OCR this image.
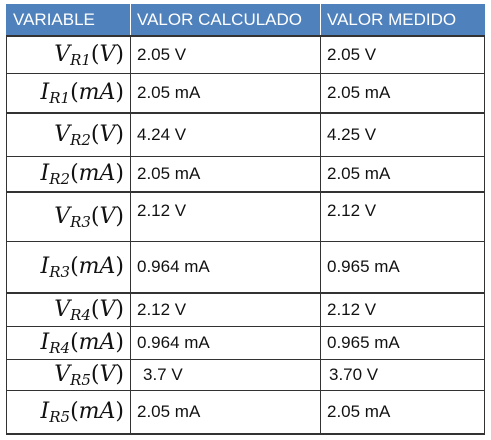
VARIABLE	VALOR CALCULADO	VALOR MEDIDO
$V_{R1}(V)$	2.05 V	2.05 V
$I_{R1}(mA)$	2.05 mA	2.05 mA
$V_{R2}(V)$	4.24 V	4.25 V
$I_{R2}(mA)$	2.05 mA	2.05 mA
$V_{R3}(V)$	2.12 V	2.12 V
$I_{R3}(mA)$	0.964 mA	0.965 mA
$V_{R4}(V)$	2.12 V	2.12 V
$I_{R4}(mA)$	0.964 mA	0.965 mA
$V_{R5}(V)$	3.7 V	3.70 V
$I_{R5}(mA)$	2.05 mA	2.05 mA
